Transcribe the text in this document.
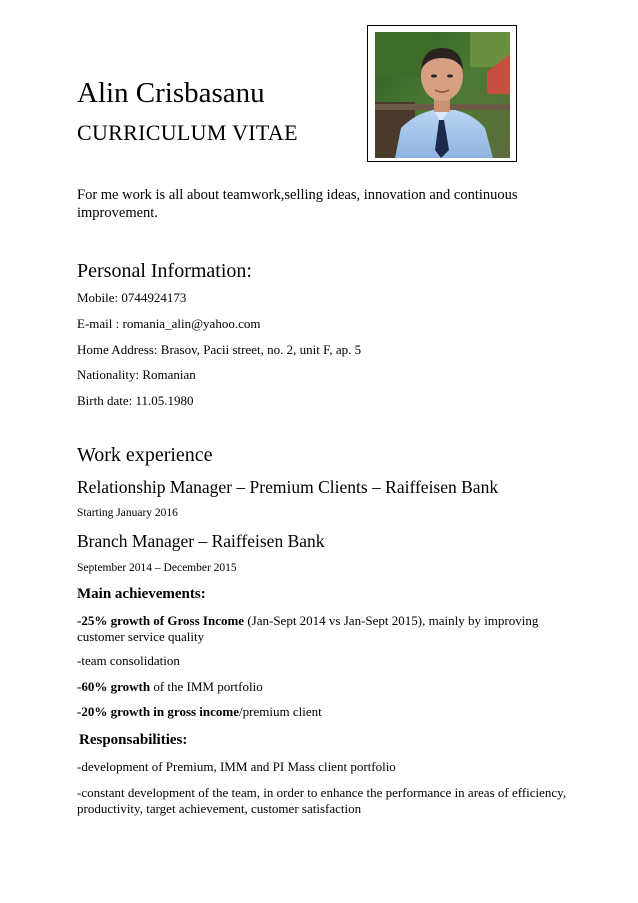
Alin Crisbasanu
CURRICULUM VITAE
For me work is all about teamwork,selling ideas, innovation and continuous improvement.
Personal Information:
Mobile: 0744924173
E-mail : romania_alin@yahoo.com
Home Address: Brasov, Pacii street, no. 2, unit F, ap. 5
Nationality: Romanian
Birth date: 11.05.1980
Work experience
Relationship Manager – Premium Clients – Raiffeisen Bank
Starting January 2016
Branch Manager – Raiffeisen Bank
September 2014 – December 2015
Main achievements:
-25% growth of Gross Income (Jan-Sept 2014 vs Jan-Sept 2015), mainly by improving customer service quality
-team consolidation
-60% growth of the IMM portfolio
-20% growth in gross income/premium client
Responsabilities:
-development of Premium, IMM and PI Mass client portfolio
-constant development of the team, in order to enhance the performance in areas of efficiency, productivity, target achievement, customer satisfaction
